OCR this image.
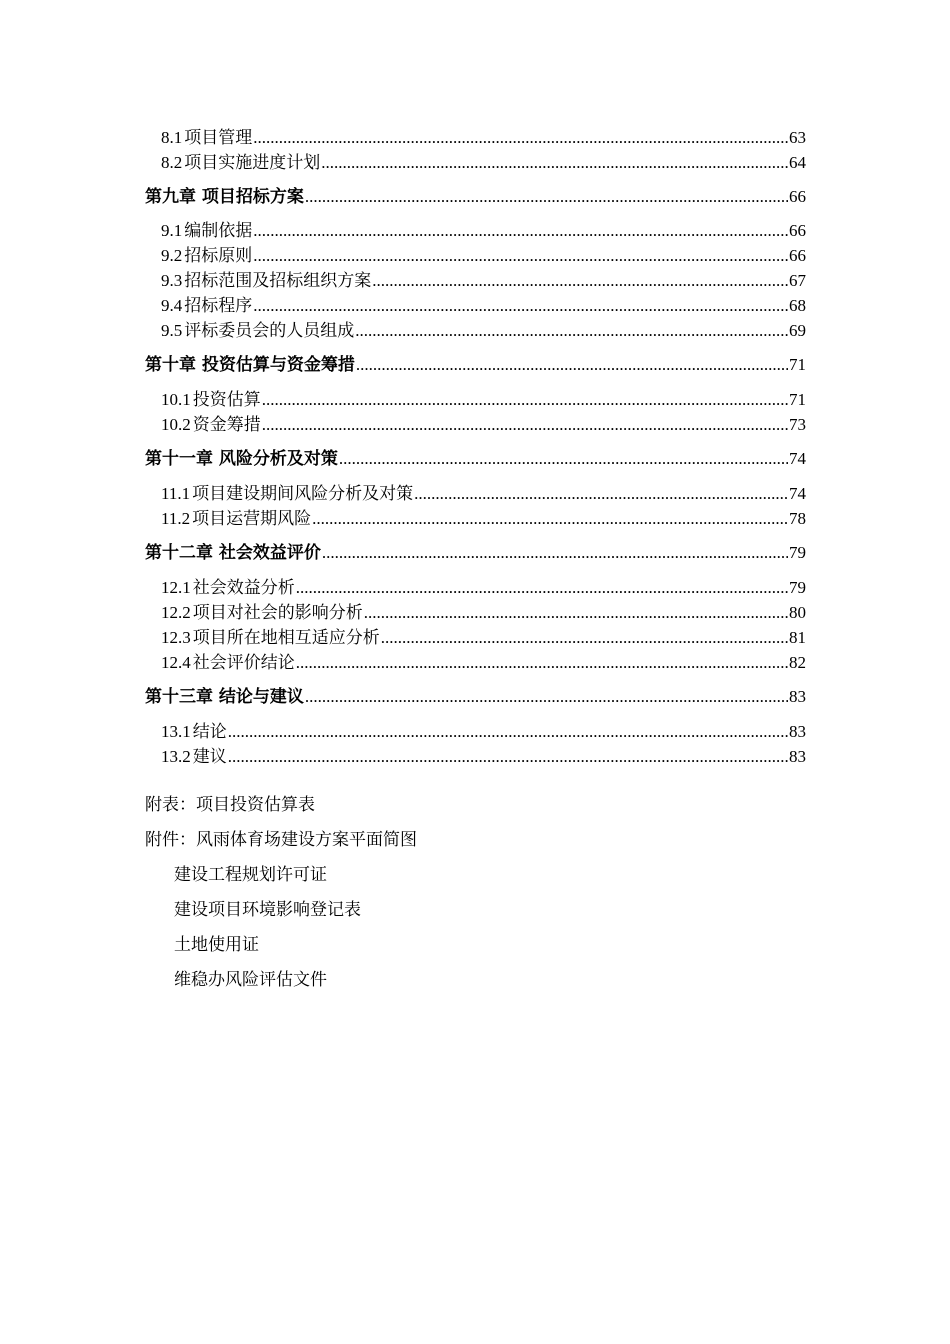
8.1 项目管理 .....	63
8.2 项目实施进度计划 .....	64
第九章 项目招标方案 .....	66
9.1 编制依据 .....	66
9.2 招标原则 .....	66
9.3 招标范围及招标组织方案 .....	67
9.4 招标程序 .....	68
9.5 评标委员会的人员组成 .....	69
第十章 投资估算与资金筹措 .....	71
10.1 投资估算 .....	71
10.2 资金筹措 .....	73
第十一章 风险分析及对策 .....	74
11.1 项目建设期间风险分析及对策 .....	74
11.2 项目运营期风险 .....	78
第十二章 社会效益评价 .....	79
12.1 社会效益分析 .....	79
12.2 项目对社会的影响分析 .....	80
12.3 项目所在地相互适应分析 .....	81
12.4 社会评价结论 .....	82
第十三章 结论与建议 .....	83
13.1 结论 .....	83
13.2 建议 .....	83
附表：项目投资估算表
附件：风雨体育场建设方案平面简图
建设工程规划许可证
建设项目环境影响登记表
土地使用证
维稳办风险评估文件
